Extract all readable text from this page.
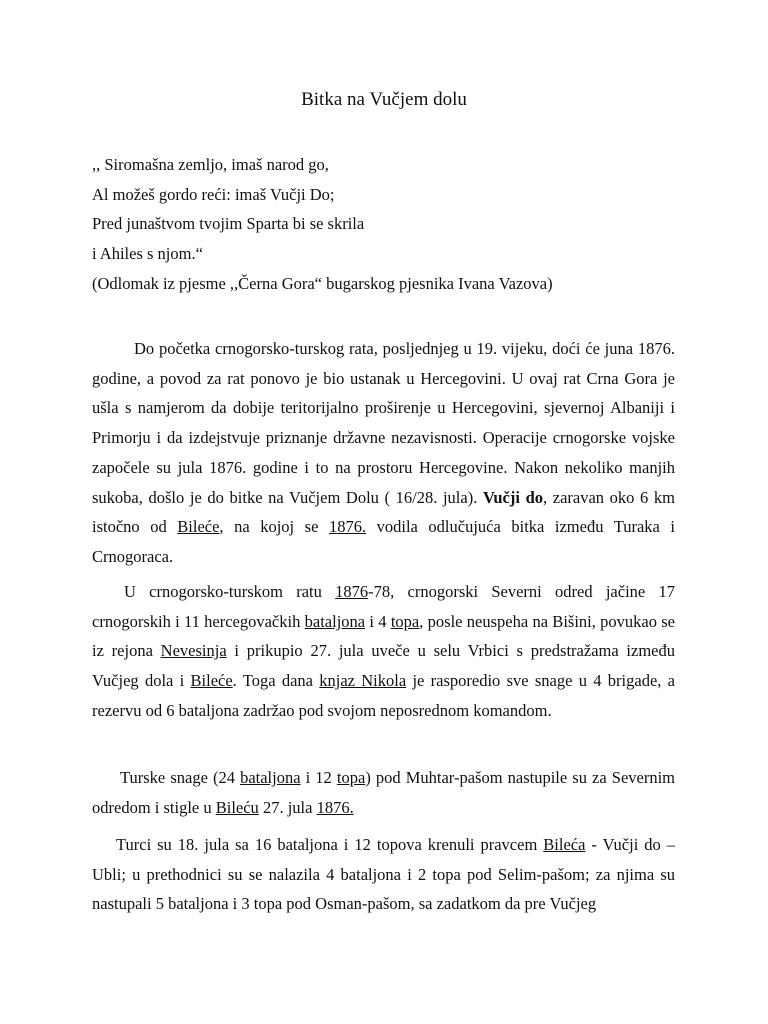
Bitka na Vučjem dolu
,, Siromašna zemljo, imaš narod go,
Al možeš gordo reći: imaš Vučji Do;
Pred junaštvom tvojim Sparta bi se skrila
i Ahiles s njom.“
(Odlomak iz pjesme ,,Černa Gora“ bugarskog pjesnika Ivana Vazova)
Do početka crnogorsko-turskog rata, posljednjeg u 19. vijeku, doći će juna 1876. godine, a povod za rat ponovo je bio ustanak u Hercegovini. U ovaj rat Crna Gora je ušla s namjerom da dobije teritorijalno proširenje u Hercegovini, sjevernoj Albaniji i Primorju i da izdejstvuje priznanje državne nezavisnosti. Operacije crnogorske vojske započele su jula 1876. godine i to na prostoru Hercegovine. Nakon nekoliko manjih sukoba, došlo je do bitke na Vučjem Dolu ( 16/28. jula). Vučji do, zaravan oko 6 km istočno od Bileće, na kojoj se 1876. vodila odlučujuća bitka između Turaka i Crnogoraca.
U crnogorsko-turskom ratu 1876-78, crnogorski Severni odred jačine 17 crnogorskih i 11 hercegovačkih bataljona i 4 topa, posle neuspeha na Bišini, povukao se iz rejona Nevesinja i prikupio 27. jula uveče u selu Vrbici s predstražama između Vučjeg dola i Bileće. Toga dana knjaz Nikola je rasporedio sve snage u 4 brigade, a rezervu od 6 bataljona zadržao pod svojom neposrednom komandom.
Turske snage (24 bataljona i 12 topa) pod Muhtar-pašom nastupile su za Severnim odredom i stigle u Bileću 27. jula 1876.
Turci su 18. jula sa 16 bataljona i 12 topova krenuli pravcem Bileća - Vučji do – Ubli; u prethodnici su se nalazila 4 bataljona i 2 topa pod Selim-pašom; za njima su nastupali 5 bataljona i 3 topa pod Osman-pašom, sa zadatkom da pre Vučjeg
